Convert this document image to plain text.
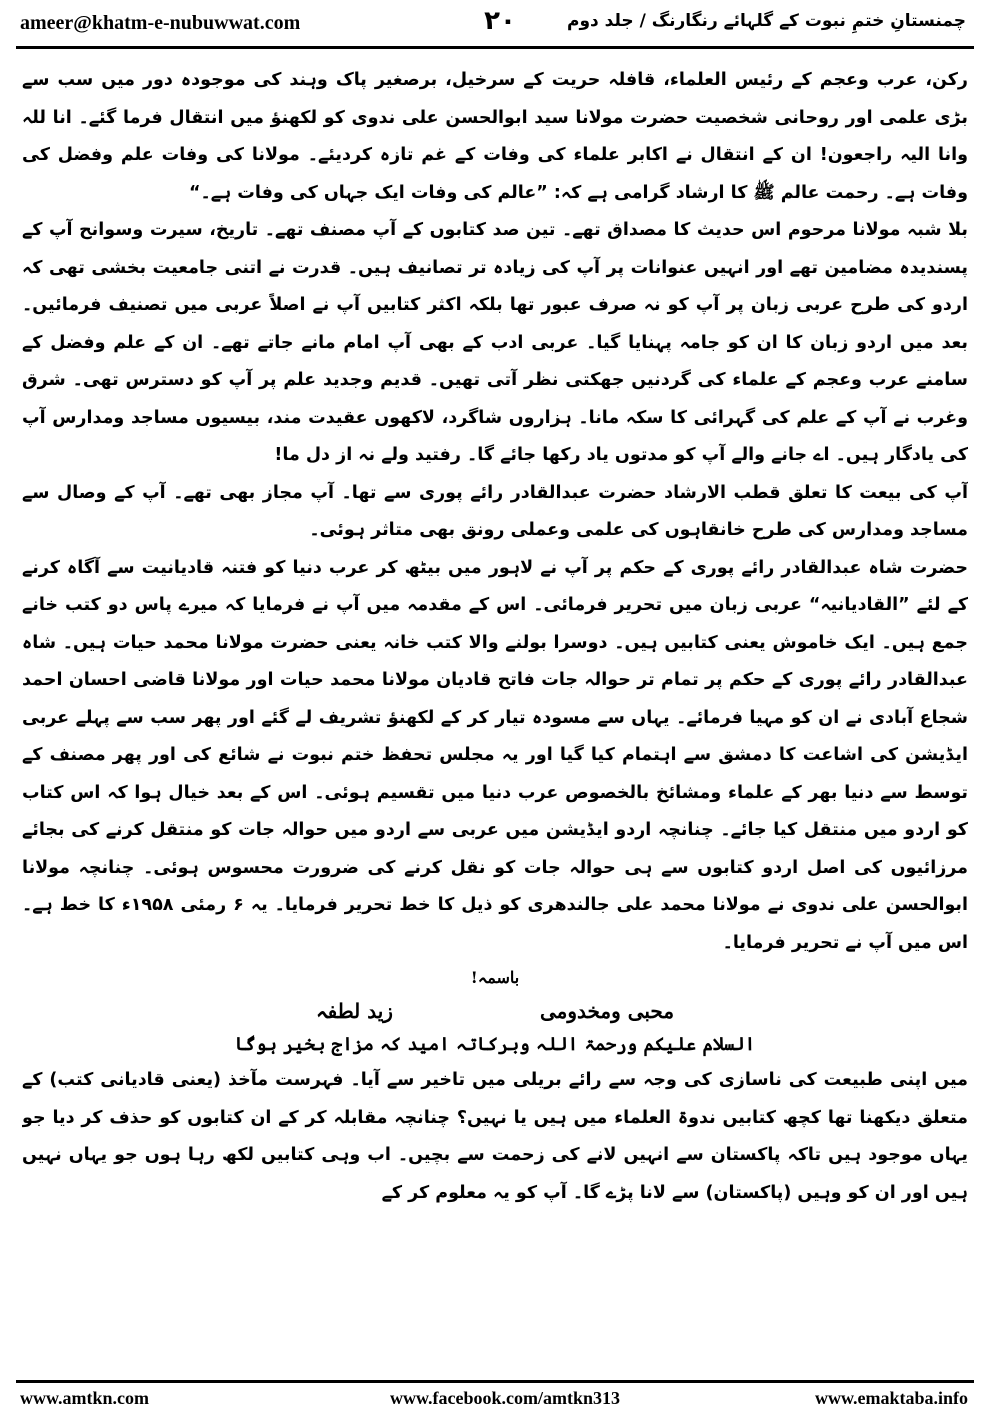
ameer@khatm-e-nubuwwat.com	۲۰	چمنستانِ ختمِ نبوت کے گلہائے رنگارنگ / جلد دوم

رکن، عرب وعجم کے رئیس العلماء، قافلہ حریت کے سرخیل، برصغیر پاک وہند کی موجودہ دور میں سب سے بڑی علمی اور روحانی شخصیت حضرت مولانا سید ابوالحسن علی ندوی کو لکھنؤ میں انتقال فرما گئے۔ انا للہ وانا الیہ راجعون! ان کے انتقال نے اکابر علماء کی وفات کے غم تازہ کردیئے۔ مولانا کی وفات علم وفضل کی وفات ہے۔ رحمت عالم ﷺ کا ارشاد گرامی ہے کہ: ”عالم کی وفات ایک جہاں کی وفات ہے۔“

بلا شبہ مولانا مرحوم اس حدیث کا مصداق تھے۔ تین صد کتابوں کے آپ مصنف تھے۔ تاریخ، سیرت وسوانح آپ کے پسندیدہ مضامین تھے اور انہیں عنوانات پر آپ کی زیادہ تر تصانیف ہیں۔ قدرت نے اتنی جامعیت بخشی تھی کہ اردو کی طرح عربی زبان پر آپ کو نہ صرف عبور تھا بلکہ اکثر کتابیں آپ نے اصلاً عربی میں تصنیف فرمائیں۔ بعد میں اردو زبان کا ان کو جامہ پہنایا گیا۔ عربی ادب کے بھی آپ امام مانے جاتے تھے۔ ان کے علم وفضل کے سامنے عرب وعجم کے علماء کی گردنیں جھکتی نظر آتی تھیں۔ قدیم وجدید علم پر آپ کو دسترس تھی۔ شرق وغرب نے آپ کے علم کی گہرائی کا سکہ مانا۔ ہزاروں شاگرد، لاکھوں عقیدت مند، بیسیوں مساجد ومدارس آپ کی یادگار ہیں۔ اے جانے والے آپ کو مدتوں یاد رکھا جائے گا۔ رفتید ولے نہ از دل ما!

آپ کی بیعت کا تعلق قطب الارشاد حضرت عبدالقادر رائے پوری سے تھا۔ آپ مجاز بھی تھے۔ آپ کے وصال سے مساجد ومدارس کی طرح خانقاہوں کی علمی وعملی رونق بھی متاثر ہوئی۔

حضرت شاہ عبدالقادر رائے پوری کے حکم پر آپ نے لاہور میں بیٹھ کر عرب دنیا کو فتنہ قادیانیت سے آگاہ کرنے کے لئے ”القادیانیہ“ عربی زبان میں تحریر فرمائی۔ اس کے مقدمہ میں آپ نے فرمایا کہ میرے پاس دو کتب خانے جمع ہیں۔ ایک خاموش یعنی کتابیں ہیں۔ دوسرا بولنے والا کتب خانہ یعنی حضرت مولانا محمد حیات ہیں۔ شاہ عبدالقادر رائے پوری کے حکم پر تمام تر حوالہ جات فاتح قادیان مولانا محمد حیات اور مولانا قاضی احسان احمد شجاع آبادی نے ان کو مہیا فرمائے۔ یہاں سے مسودہ تیار کر کے لکھنؤ تشریف لے گئے اور پھر سب سے پہلے عربی ایڈیشن کی اشاعت کا دمشق سے اہتمام کیا گیا اور یہ مجلس تحفظ ختم نبوت نے شائع کی اور پھر مصنف کے توسط سے دنیا بھر کے علماء ومشائخ بالخصوص عرب دنیا میں تقسیم ہوئی۔ اس کے بعد خیال ہوا کہ اس کتاب کو اردو میں منتقل کیا جائے۔ چنانچہ اردو ایڈیشن میں عربی سے اردو میں حوالہ جات کو منتقل کرنے کی بجائے مرزائیوں کی اصل اردو کتابوں سے ہی حوالہ جات کو نقل کرنے کی ضرورت محسوس ہوئی۔ چنانچہ مولانا ابوالحسن علی ندوی نے مولانا محمد علی جالندھری کو ذیل کا خط تحریر فرمایا۔ یہ ۶ رمئی ۱۹۵۸ء کا خط ہے۔ اس میں آپ نے تحریر فرمایا۔

باسمہ!
محبی ومخدومی زید لطفہ
السلام علیکم ورحمۃ اللہ وبرکاتہ امید کہ مزاج بخیر ہوگا

میں اپنی طبیعت کی ناسازی کی وجہ سے رائے بریلی میں تاخیر سے آیا۔ فہرست مآخذ (یعنی قادیانی کتب) کے متعلق دیکھنا تھا کچھ کتابیں ندوۃ العلماء میں ہیں یا نہیں؟ چنانچہ مقابلہ کر کے ان کتابوں کو حذف کر دیا جو یہاں موجود ہیں تاکہ پاکستان سے انہیں لانے کی زحمت سے بچیں۔ اب وہی کتابیں لکھ رہا ہوں جو یہاں نہیں ہیں اور ان کو وہیں (پاکستان) سے لانا پڑے گا۔ آپ کو یہ معلوم کر کے

www.amtkn.com	www.facebook.com/amtkn313	www.emaktaba.info
